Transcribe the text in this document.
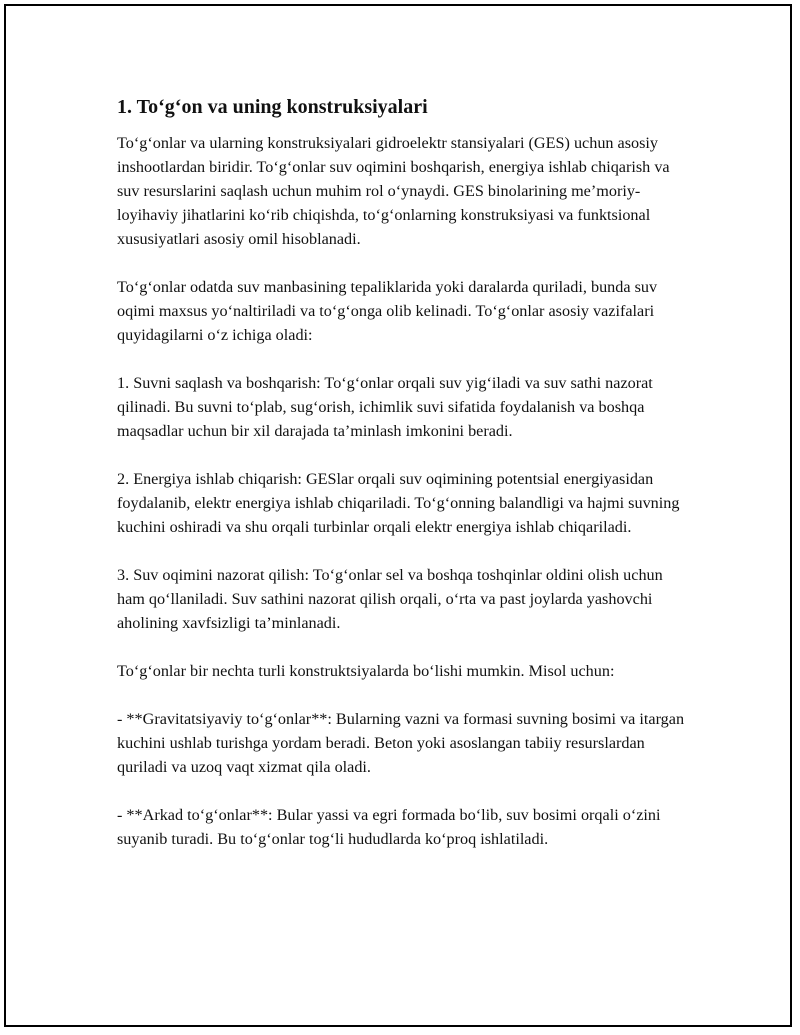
1. To‘g‘on va uning konstruksiyalari

To‘g‘onlar va ularning konstruksiyalari gidroelektr stansiyalari (GES) uchun asosiy inshootlardan biridir. To‘g‘onlar suv oqimini boshqarish, energiya ishlab chiqarish va suv resurslarini saqlash uchun muhim rol o‘ynaydi. GES binolarining me’moriy-loyihaviy jihatlarini ko‘rib chiqishda, to‘g‘onlarning konstruksiyasi va funktsional xususiyatlari asosiy omil hisoblanadi.

To‘g‘onlar odatda suv manbasining tepaliklarida yoki daralarda quriladi, bunda suv oqimi maxsus yo‘naltiriladi va to‘g‘onga olib kelinadi. To‘g‘onlar asosiy vazifalari quyidagilarni o‘z ichiga oladi:

1. Suvni saqlash va boshqarish: To‘g‘onlar orqali suv yig‘iladi va suv sathi nazorat qilinadi. Bu suvni to‘plab, sug‘orish, ichimlik suvi sifatida foydalanish va boshqa maqsadlar uchun bir xil darajada ta’minlash imkonini beradi.

2. Energiya ishlab chiqarish: GESlar orqali suv oqimining potentsial energiyasidan foydalanib, elektr energiya ishlab chiqariladi. To‘g‘onning balandligi va hajmi suvning kuchini oshiradi va shu orqali turbinlar orqali elektr energiya ishlab chiqariladi.

3. Suv oqimini nazorat qilish: To‘g‘onlar sel va boshqa toshqinlar oldini olish uchun ham qo‘llaniladi. Suv sathini nazorat qilish orqali, o‘rta va past joylarda yashovchi aholining xavfsizligi ta’minlanadi.

To‘g‘onlar bir nechta turli konstruktsiyalarda bo‘lishi mumkin. Misol uchun:

- **Gravitatsiyaviy to‘g‘onlar**: Bularning vazni va formasi suvning bosimi va itargan kuchini ushlab turishga yordam beradi. Beton yoki asoslangan tabiiy resurslardan quriladi va uzoq vaqt xizmat qila oladi.

- **Arkad to‘g‘onlar**: Bular yassi va egri formada bo‘lib, suv bosimi orqali o‘zini suyanib turadi. Bu to‘g‘onlar tog‘li hududlarda ko‘proq ishlatiladi.
